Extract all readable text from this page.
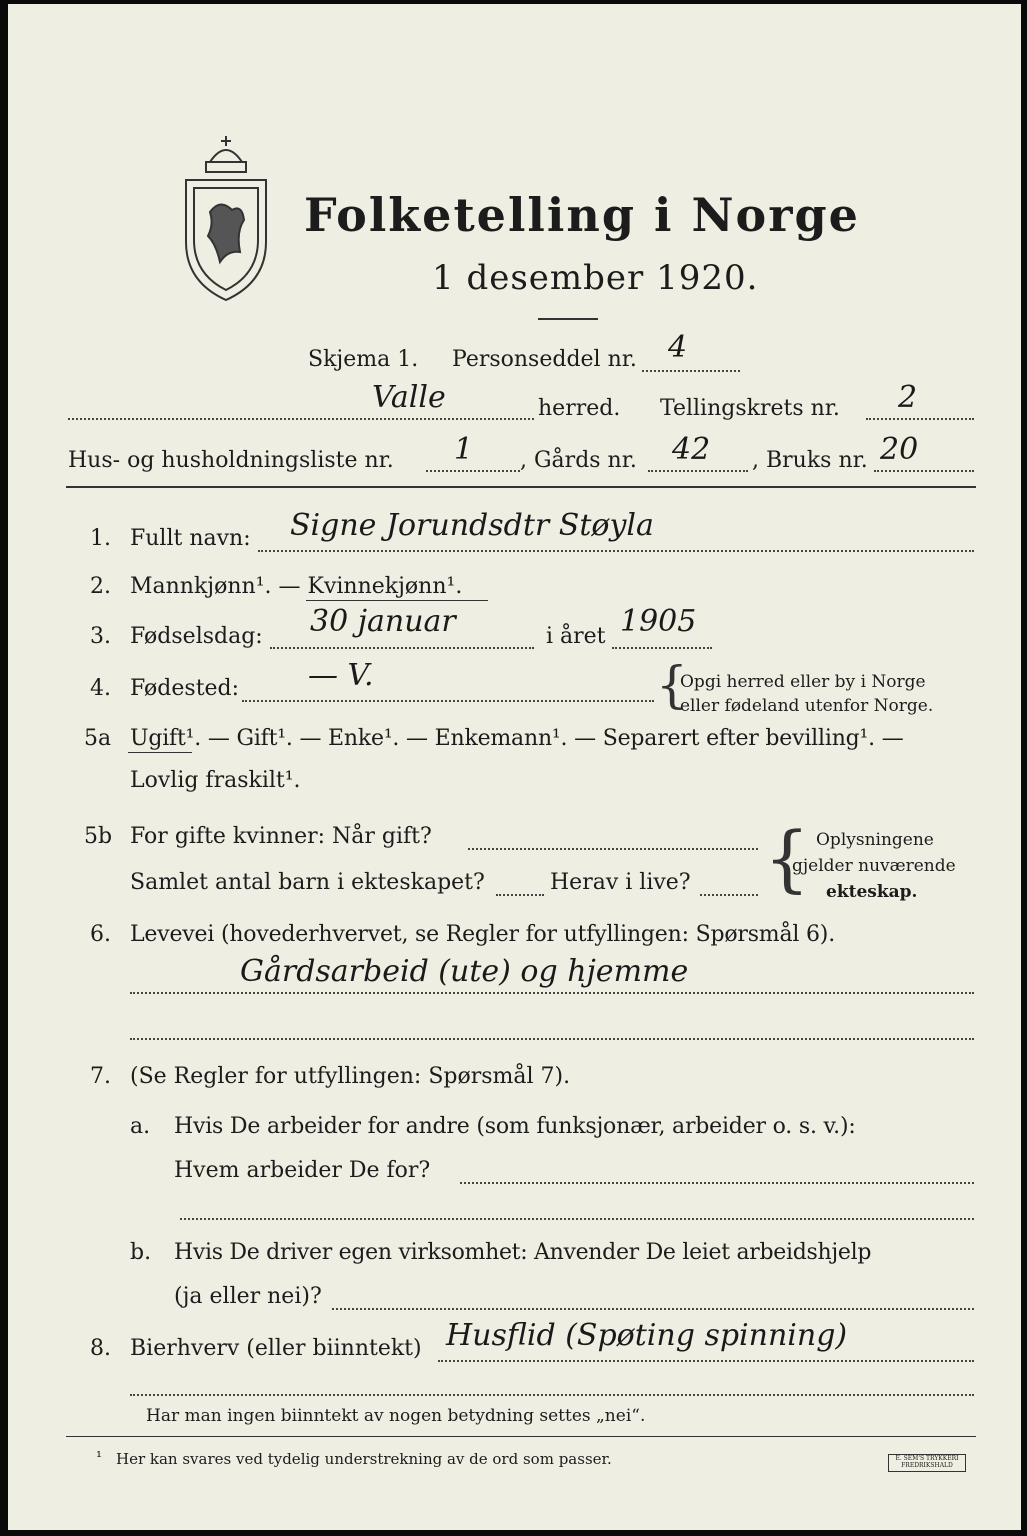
Folketelling i Norge
1 desember 1920.
Skjema 1. Personseddel nr. 4
Valle	herred. Tellingskrets nr. 2
Hus- og husholdningsliste nr. 1 , Gårds nr. 42 , Bruks nr. 20
1. Fullt navn: Signe Jorundsdtr Støyla
2. Mannkjønn¹. — Kvinnekjønn¹.
3. Fødselsdag: 30 januar	i året 1905
4. Fødested: — V.	{
Opgi herred eller by i Norge
eller fødeland utenfor Norge.
5a Ugift¹. — Gift¹. — Enke¹. — Enkemann¹. — Separert efter bevilling¹. —
Lovlig fraskilt¹.
5b For gifte kvinner: Når gift?
Samlet antal barn i ekteskapet?	Herav i live? { Oplysningene
gjelder nuværende
ekteskap.
6. Levevei (hovederhvervet, se Regler for utfyllingen: Spørsmål 6).
Gårdsarbeid (ute) og hjemme
7. (Se Regler for utfyllingen: Spørsmål 7).
a. Hvis De arbeider for andre (som funksjonær, arbeider o. s. v.):
Hvem arbeider De for?
b. Hvis De driver egen virksomhet: Anvender De leiet arbeidshjelp
(ja eller nei)?
8. Bierhverv (eller biinntekt) Husflid (Spøting spinning)
Har man ingen biinntekt av nogen betydning settes „nei“.
¹ Her kan svares ved tydelig understrekning av de ord som passer.	E. SEM'S TRYKKERI
FREDRIKSHALD
